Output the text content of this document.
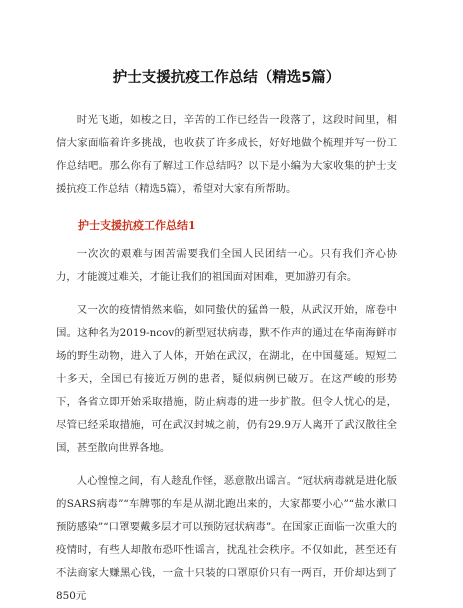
护士支援抗疫工作总结（精选5篇）

时光飞逝，如梭之日，辛苦的工作已经告一段落了，这段时间里，相信大家面临着许多挑战，也收获了许多成长，好好地做个梳理并写一份工作总结吧。那么你有了解过工作总结吗？以下是小编为大家收集的护士支援抗疫工作总结（精选5篇），希望对大家有所帮助。

护士支援抗疫工作总结1

一次次的艰难与困苦需要我们全国人民团结一心。只有我们齐心协力，才能渡过难关，才能让我们的祖国面对困难，更加游刃有余。

又一次的疫情悄然来临，如同蛰伏的猛兽一般，从武汉开始，席卷中国。这种名为2019-ncov的新型冠状病毒，默不作声的通过在华南海鲜市场的野生动物，进入了人体，开始在武汉，在湖北，在中国蔓延。短短二十多天，全国已有接近万例的患者，疑似病例已破万。在这严峻的形势下，各省立即开始采取措施，防止病毒的进一步扩散。但令人忧心的是，尽管已经采取措施，可在武汉封城之前，仍有29.9万人离开了武汉散往全国，甚至散向世界各地。

人心惶惶之间，有人趁乱作怪，恶意散出谣言。“冠状病毒就是进化版的SARS病毒”“车牌鄂的车是从湖北跑出来的，大家都要小心”“盐水漱口预防感染”“口罩要戴多层才可以预防冠状病毒”。在国家正面临一次重大的疫情时，有些人却散布恐吓性谣言，扰乱社会秩序。不仅如此，甚至还有不法商家大赚黑心钱，一盒十只装的口罩原价只有一两百，开价却达到了850元
